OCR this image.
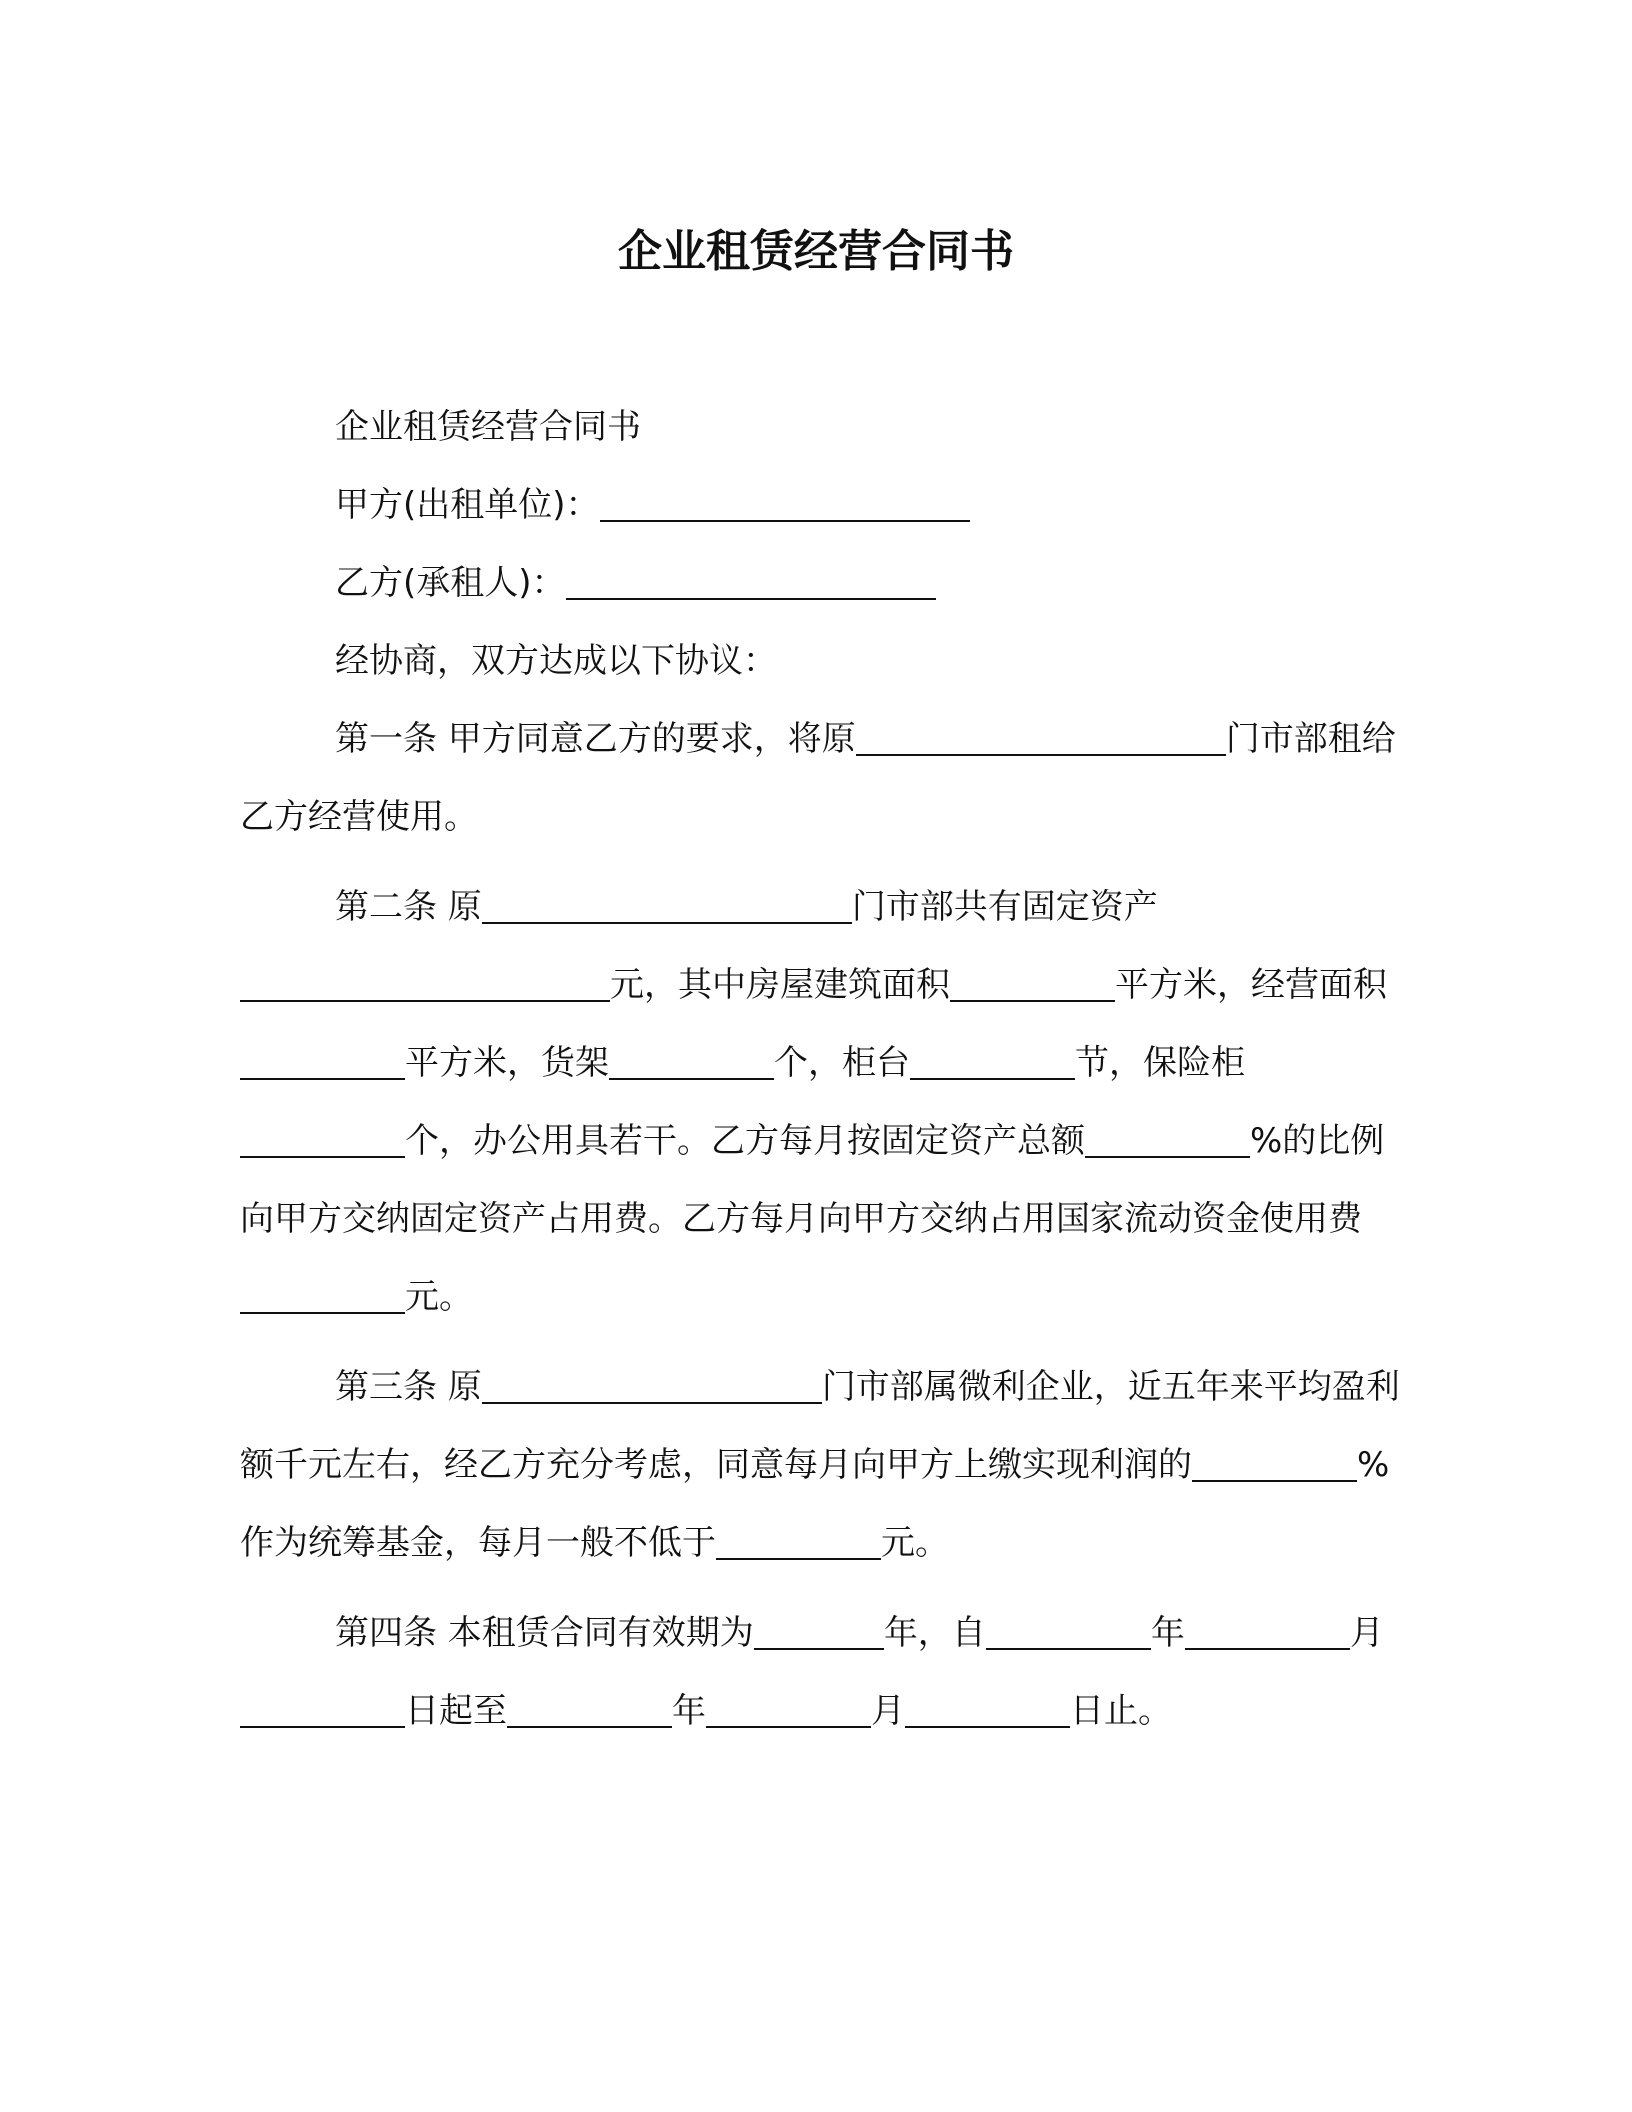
企业租赁经营合同书

企业租赁经营合同书

甲方(出租单位)：

乙方(承租人)：

经协商，双方达成以下协议：

第一条 甲方同意乙方的要求，将原	门市部租给乙方经营使用。

第二条 原	门市部共有固定资产元，其中房屋建筑面积	平方米，经营面积平方米，货架	个，柜台	节，保险柜个，办公用具若干。乙方每月按固定资产总额	%的比例向甲方交纳固定资产占用费。乙方每月向甲方交纳占用国家流动资金使用费元。

第三条 原	门市部属微利企业，近五年来平均盈利额千元左右，经乙方充分考虑，同意每月向甲方上缴实现利润的	%作为统筹基金，每月一般不低于	元。

第四条 本租赁合同有效期为	年，自	年	月日起至	年	月	日止。
